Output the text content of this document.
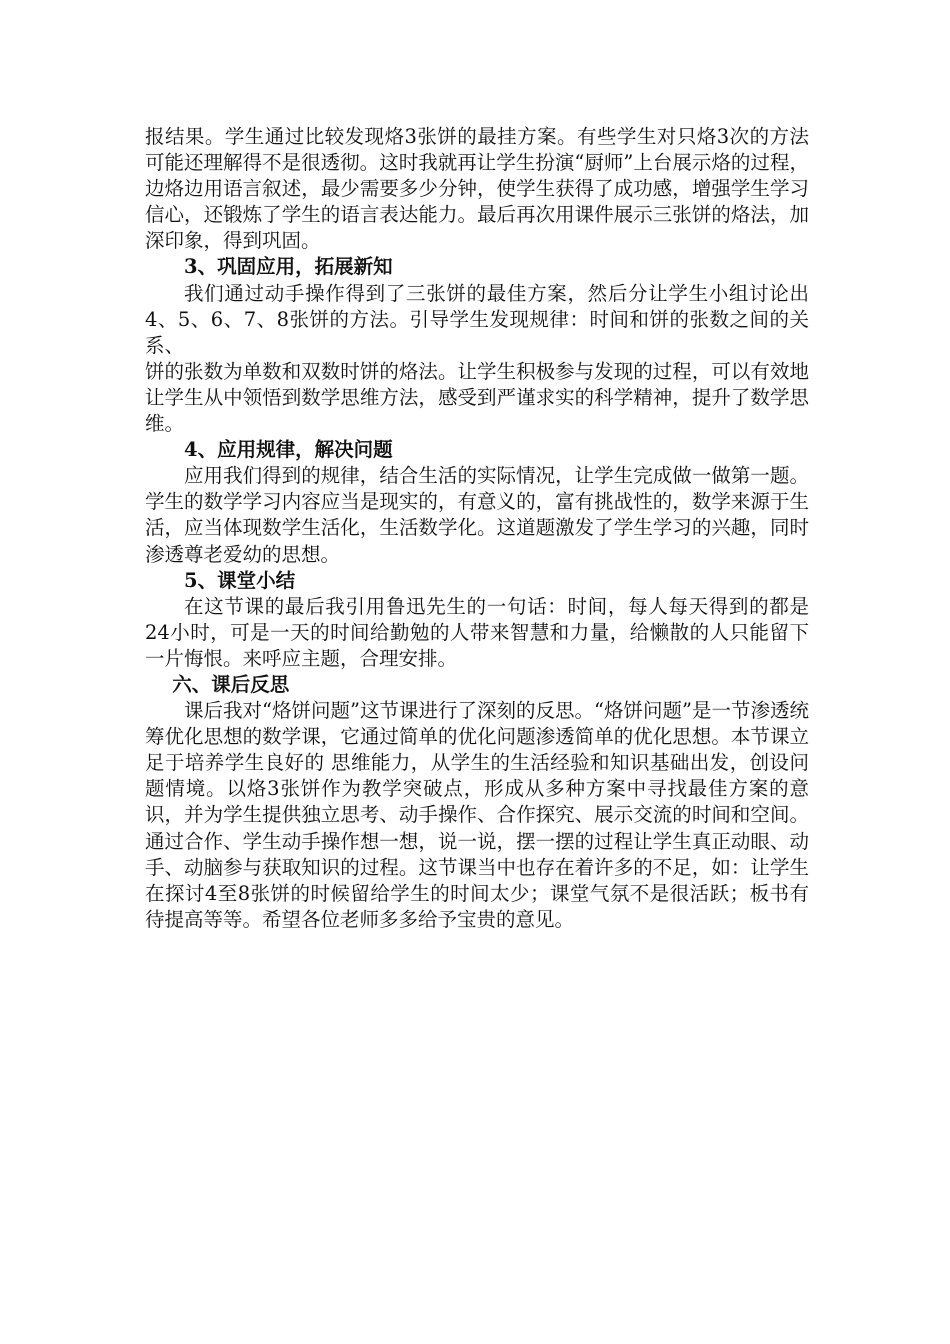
报结果。学生通过比较发现烙3张饼的最挂方案。有些学生对只烙3次的方法可能还理解得不是很透彻。这时我就再让学生扮演“厨师”上台展示烙的过程，边烙边用语言叙述，最少需要多少分钟，使学生获得了成功感，增强学生学习信心，还锻炼了学生的语言表达能力。最后再次用课件展示三张饼的烙法，加深印象，得到巩固。

3、巩固应用，拓展新知

我们通过动手操作得到了三张饼的最佳方案，然后分让学生小组讨论出4、5、6、7、8张饼的方法。引导学生发现规律：时间和饼的张数之间的关系、

饼的张数为单数和双数时饼的烙法。让学生积极参与发现的过程，可以有效地让学生从中领悟到数学思维方法，感受到严谨求实的科学精神，提升了数学思维。

4、应用规律，解决问题

应用我们得到的规律，结合生活的实际情况，让学生完成做一做第一题。学生的数学学习内容应当是现实的，有意义的，富有挑战性的，数学来源于生活，应当体现数学生活化，生活数学化。这道题激发了学生学习的兴趣，同时渗透尊老爱幼的思想。

5、课堂小结

在这节课的最后我引用鲁迅先生的一句话：时间，每人每天得到的都是24小时，可是一天的时间给勤勉的人带来智慧和力量，给懒散的人只能留下一片悔恨。来呼应主题，合理安排。

六、课后反思

课后我对“烙饼问题”这节课进行了深刻的反思。“烙饼问题”是一节渗透统筹优化思想的数学课，它通过简单的优化问题渗透简单的优化思想。本节课立足于培养学生良好的 思维能力，从学生的生活经验和知识基础出发，创设问题情境。以烙3张饼作为教学突破点，形成从多种方案中寻找最佳方案的意识，并为学生提供独立思考、动手操作、合作探究、展示交流的时间和空间。通过合作、学生动手操作想一想，说一说，摆一摆的过程让学生真正动眼、动手、动脑参与获取知识的过程。这节课当中也存在着许多的不足，如：让学生在探讨4至8张饼的时候留给学生的时间太少；课堂气氛不是很活跃；板书有待提高等等。希望各位老师多多给予宝贵的意见。
